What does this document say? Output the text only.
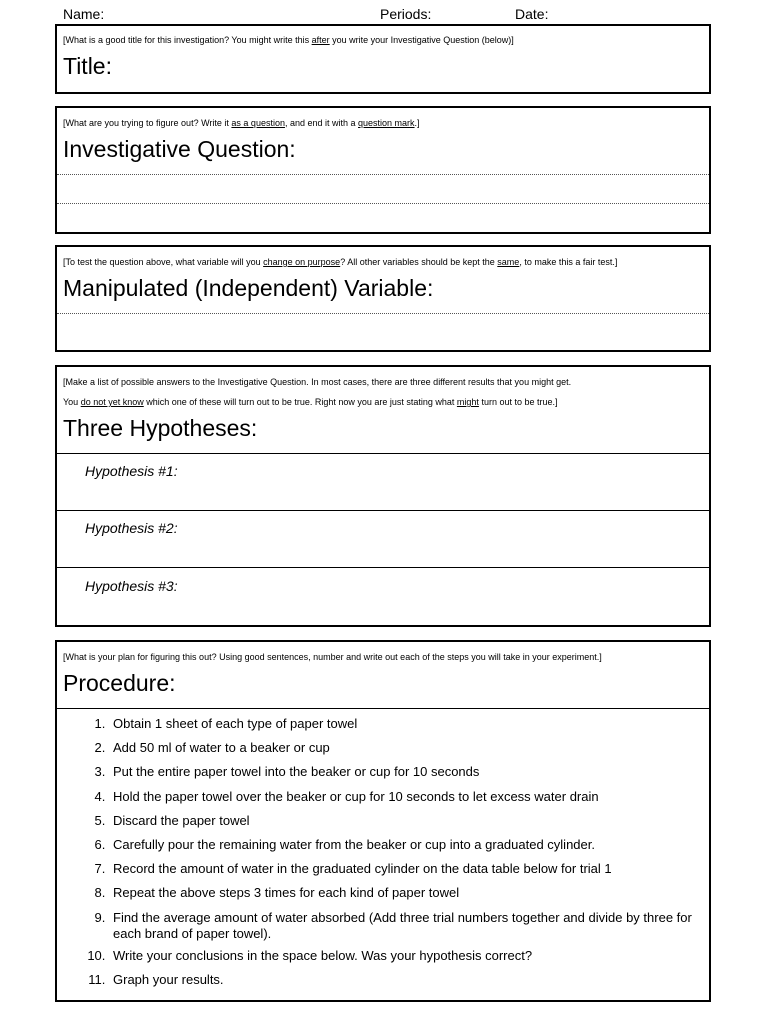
Name:	Periods:	Date:
[What is a good title for this investigation? You might write this after you write your Investigative Question (below)]
Title:
[What are you trying to figure out? Write it as a question, and end it with a question mark.]
Investigative Question:
[To test the question above, what variable will you change on purpose? All other variables should be kept the same, to make this a fair test.]
Manipulated (Independent) Variable:
[Make a list of possible answers to the Investigative Question. In most cases, there are three different results that you might get.
You do not yet know which one of these will turn out to be true. Right now you are just stating what might turn out to be true.]
Three Hypotheses:
Hypothesis #1:
Hypothesis #2:
Hypothesis #3:
[What is your plan for figuring this out? Using good sentences, number and write out each of the steps you will take in your experiment.]
Procedure:
1. Obtain 1 sheet of each type of paper towel
2. Add 50 ml of water to a beaker or cup
3. Put the entire paper towel into the beaker or cup for 10 seconds
4. Hold the paper towel over the beaker or cup for 10 seconds to let excess water drain
5. Discard the paper towel
6. Carefully pour the remaining water from the beaker or cup into a graduated cylinder.
7. Record the amount of water in the graduated cylinder on the data table below for trial 1
8. Repeat the above steps 3 times for each kind of paper towel
9. Find the average amount of water absorbed (Add three trial numbers together and divide by three for each brand of paper towel).
10. Write your conclusions in the space below. Was your hypothesis correct?
11. Graph your results.
